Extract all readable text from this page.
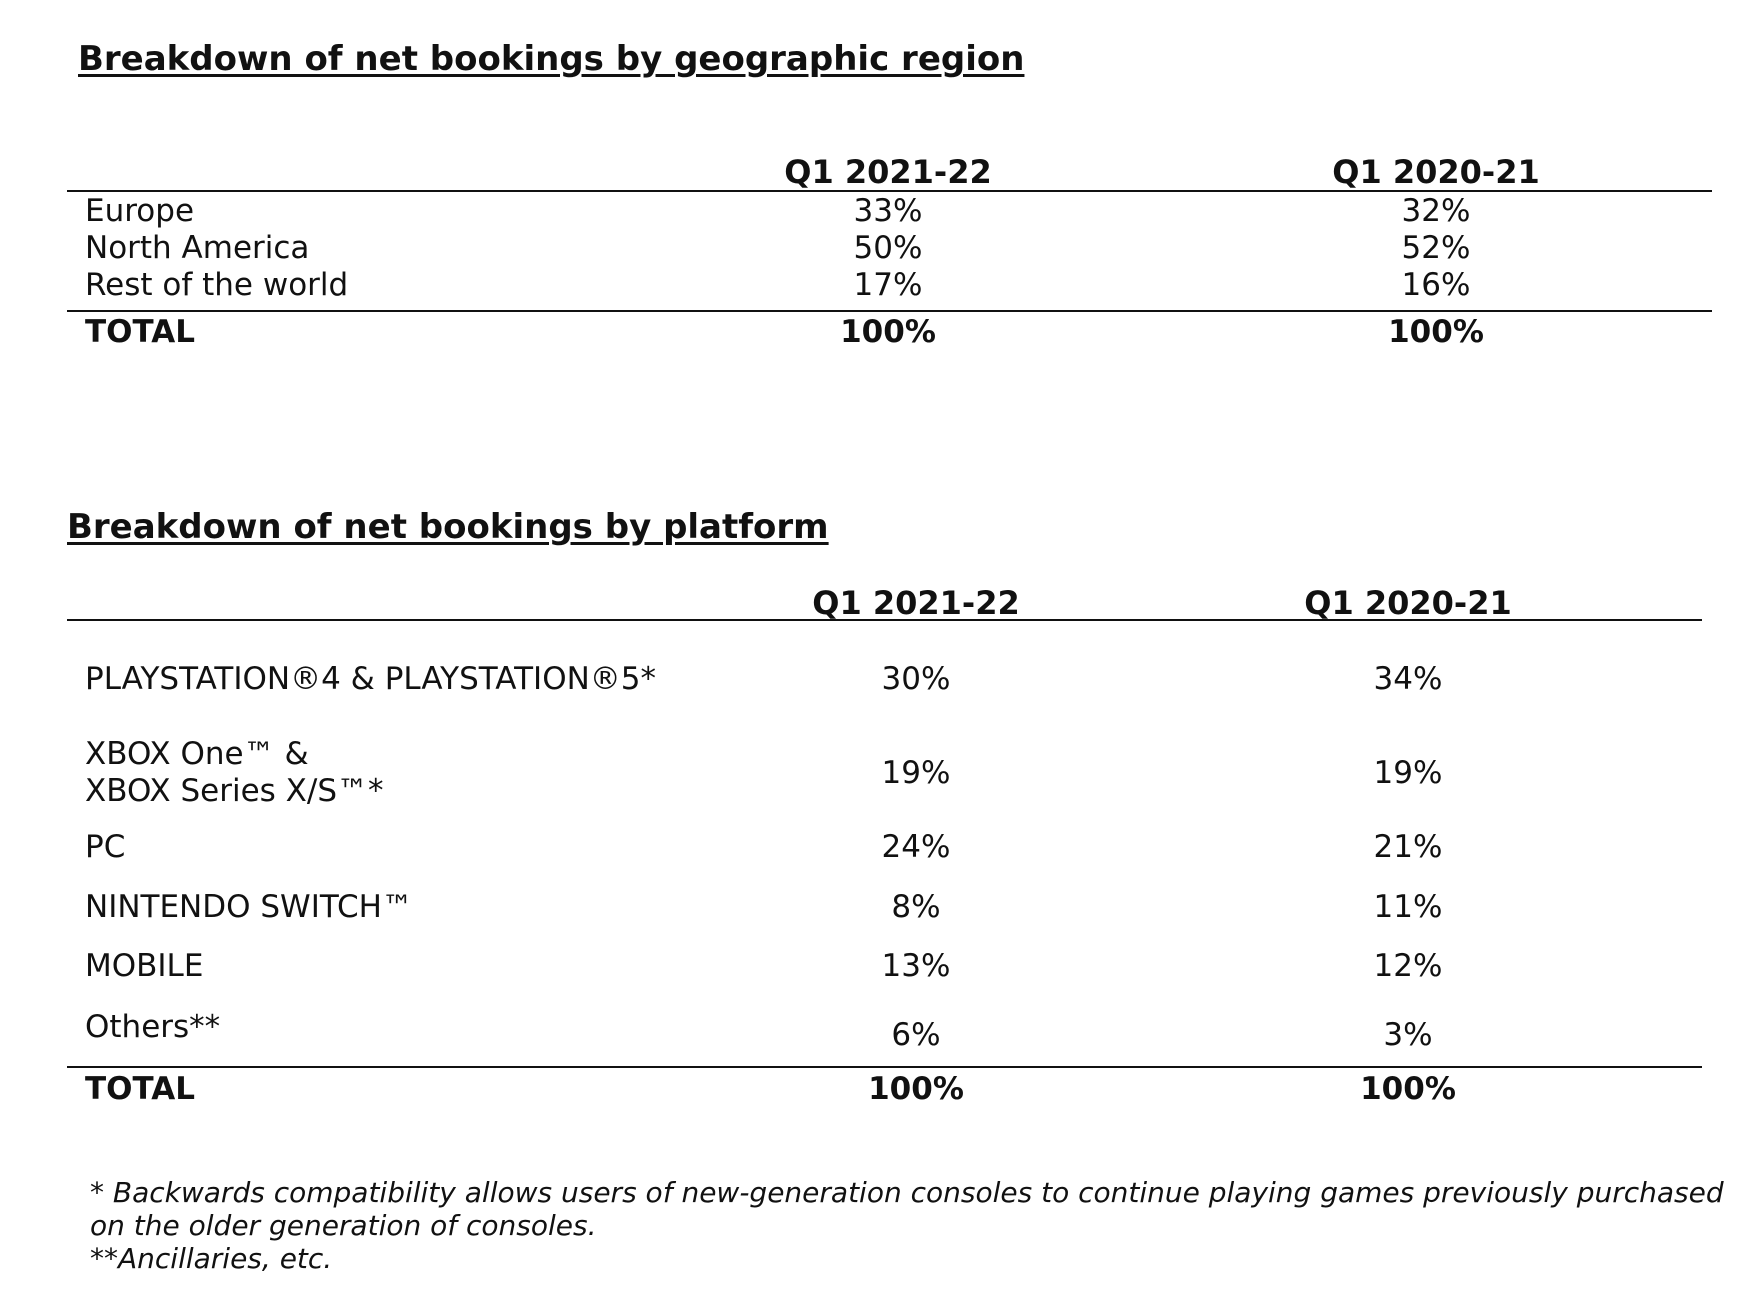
Breakdown of net bookings by geographic region
Q1 2021-22	Q1 2020-21
Europe	33%	32%
North America	50%	52%
Rest of the world	17%	16%
TOTAL	100%	100%
Breakdown of net bookings by platform
Q1 2021-22	Q1 2020-21
PLAYSTATION®4 & PLAYSTATION®5*	30%	34%
XBOX One™ &
XBOX Series X/S™*	19%	19%
PC	24%	21%
NINTENDO SWITCH™	8%	11%
MOBILE	13%	12%
Others**	6%	3%
TOTAL	100%	100%
* Backwards compatibility allows users of new-generation consoles to continue playing games previously purchased
on the older generation of consoles.
**Ancillaries, etc.
